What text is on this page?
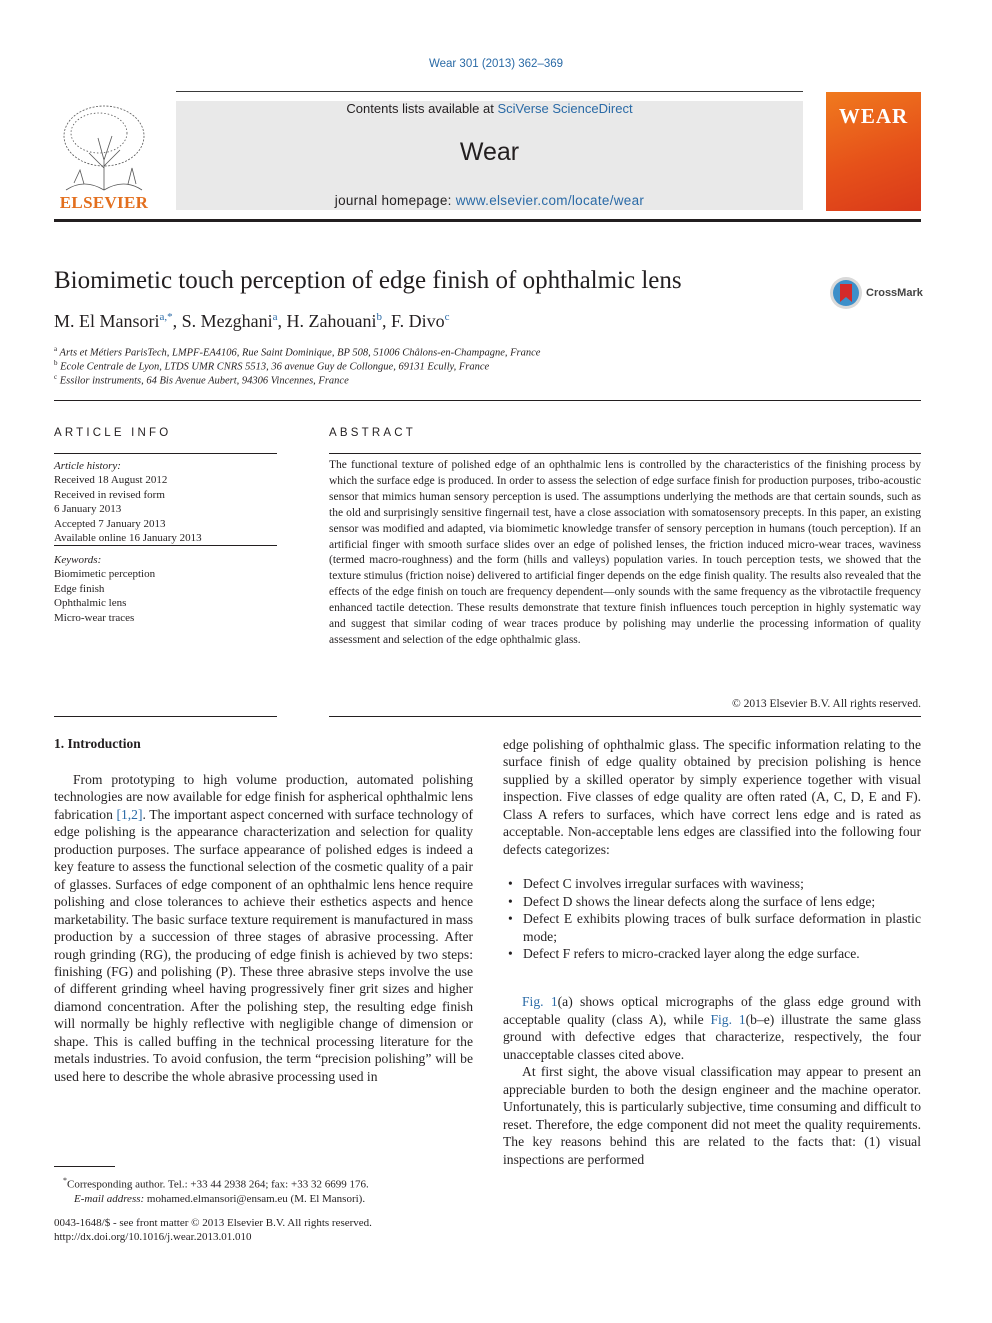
Wear 301 (2013) 362–369
ELSEVIER
Contents lists available at SciVerse ScienceDirect
Wear
journal homepage: www.elsevier.com/locate/wear
WEAR
Biomimetic touch perception of edge finish of ophthalmic lens	CrossMark
M. El Mansori$^{a,*}$, S. Mezghani$^a$, H. Zahouani$^b$, F. Divo$^c$
$^a$ Arts et Métiers ParisTech, LMPF-EA4106, Rue Saint Dominique, BP 508, 51006 Châlons-en-Champagne, France
$^b$ Ecole Centrale de Lyon, LTDS UMR CNRS 5513, 36 avenue Guy de Collongue, 69131 Ecully, France
$^c$ Essilor instruments, 64 Bis Avenue Aubert, 94306 Vincennes, France
ARTICLE INFO
Article history:
Received 18 August 2012
Received in revised form
6 January 2013
Accepted 7 January 2013
Available online 16 January 2013
Keywords:
Biomimetic perception
Edge finish
Ophthalmic lens
Micro-wear traces
ABSTRACT
The functional texture of polished edge of an ophthalmic lens is controlled by the characteristics of the finishing process by which the surface edge is produced. In order to assess the selection of edge surface finish for production purposes, tribo-acoustic sensor that mimics human sensory perception is used. The assumptions underlying the methods are that certain sounds, such as the old and surprisingly sensitive fingernail test, have a close association with somatosensory precepts. In this paper, an existing sensor was modified and adapted, via biomimetic knowledge transfer of sensory perception in humans (touch perception). If an artificial finger with smooth surface slides over an edge of polished lenses, the friction induced micro-wear traces, waviness (termed macro-roughness) and the form (hills and valleys) population varies. In touch perception tests, we showed that the texture stimulus (friction noise) delivered to artificial finger depends on the edge finish quality. The results also revealed that the effects of the edge finish on touch are frequency dependent—only sounds with the same frequency as the vibrotactile frequency enhanced tactile detection. These results demonstrate that texture finish influences touch perception in highly systematic way and suggest that similar coding of wear traces produce by polishing may underlie the processing information of quality assessment and selection of the edge ophthalmic glass.
© 2013 Elsevier B.V. All rights reserved.
1. Introduction

From prototyping to high volume production, automated polishing technologies are now available for edge finish for aspherical ophthalmic lens fabrication [1,2]. The important aspect concerned with surface technology of edge polishing is the appearance characterization and selection for quality production purposes. The surface appearance of polished edges is indeed a key feature to assess the functional selection of the cosmetic quality of a pair of glasses. Surfaces of edge component of an ophthalmic lens hence require polishing and close tolerances to achieve their esthetics aspects and hence marketability. The basic surface texture requirement is manufactured in mass production by a succession of three stages of abrasive processing. After rough grinding (RG), the producing of edge finish is achieved by two steps: finishing (FG) and polishing (P). These three abrasive steps involve the use of different grinding wheel having progressively finer grit sizes and higher diamond concentration. After the polishing step, the resulting edge finish will normally be highly reflective with negligible change of dimension or shape. This is called buffing in the technical processing literature for the metals industries. To avoid confusion, the term “precision polishing” will be used here to describe the whole abrasive processing used in

edge polishing of ophthalmic glass. The specific information relating to the surface finish of edge quality obtained by precision polishing is hence supplied by a skilled operator by simply experience together with visual inspection. Five classes of edge quality are often rated (A, C, D, E and F). Class A refers to surfaces, which have correct lens edge and is rated as acceptable. Non-acceptable lens edges are classified into the following four defects categorizes:

• Defect C involves irregular surfaces with waviness;
• Defect D shows the linear defects along the surface of lens edge;
• Defect E exhibits plowing traces of bulk surface deformation in plastic mode;
• Defect F refers to micro-cracked layer along the edge surface.

Fig. 1(a) shows optical micrographs of the glass edge ground with acceptable quality (class A), while Fig. 1(b–e) illustrate the same glass ground with defective edges that characterize, respectively, the four unacceptable classes cited above.

At first sight, the above visual classification may appear to present an appreciable burden to both the design engineer and the machine operator. Unfortunately, this is particularly subjective, time consuming and difficult to reset. Therefore, the edge component did not meet the quality requirements. The key reasons behind this are related to the facts that: (1) visual inspections are performed

*Corresponding author. Tel.: +33 44 2938 264; fax: +33 32 6699 176.
E-mail address: mohamed.elmansori@ensam.eu (M. El Mansori).
0043-1648/$ - see front matter © 2013 Elsevier B.V. All rights reserved.
http://dx.doi.org/10.1016/j.wear.2013.01.010
